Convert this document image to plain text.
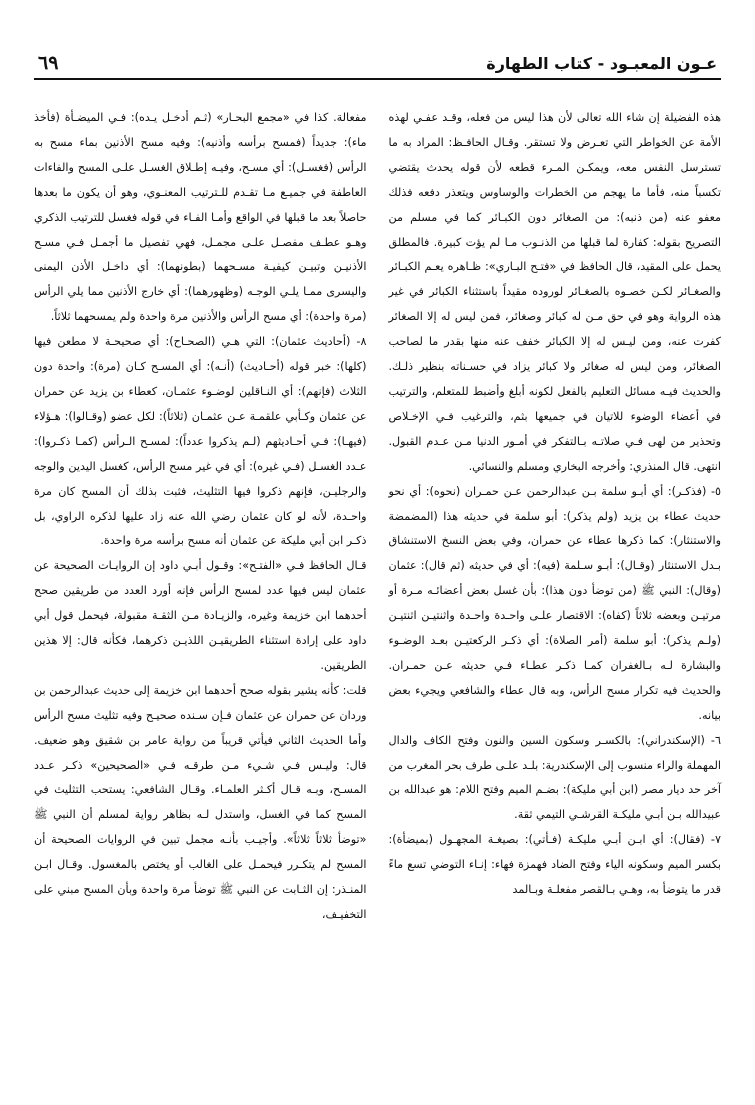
٦٩	عـون المعبـود - كتاب الطهارة

هذه الفضيلة إن شاء الله تعالى لأن هذا ليس من فعله، وقـد عفـي لهذه الأمة عن الخواطر التي تعـرض ولا تستقر. وقـال الحافـظ: المراد به ما تسترسل النفس معه، ويمكـن المـرء قطعه لأن قوله يحدث يقتضي تكسباً منه، فأما ما يهجم من الخطرات والوساوس ويتعذر دفعه فذلك معفو عنه (من ذنبه): من الصغائر دون الكبـائر كما في مسلم من التصريح بقوله: كفارة لما قبلها من الذنـوب مـا لم يؤت كبيرة. فالمطلق يحمل على المقيد، قال الحافظ في «فتـح البـاري»: ظـاهره يعـم الكبـائر والصغـائر لكـن خصـوه بالصغـائر لوروده مقيداً باستثناء الكبائر في غير هذه الرواية وهو في حق مـن له كبائر وصغائر، فمن ليس له إلا الصغائر كفرت عنه، ومن ليـس له إلا الكبائر خفف عنه منها بقدر ما لصاحب الصغائر، ومن ليس له صغائر ولا كبائر يزاد في حسـناته بنظير ذلـك. والحديث فيـه مسائل التعليم بالفعل لكونه أبلغ وأضبط للمتعلم، والترتيب في أعضاء الوضوء للاتيان في جميعها بثم، والترغيب فـي الإخـلاص وتحذير من لهى فـي صلاتـه بـالتفكر في أمـور الدنيا مـن عـدم القبول. انتهى. قال المنذري: وأخرجه البخاري ومسلم والنسائي.

٥- (فذكـر): أي أبـو سلمة بـن عبدالرحمن عـن حمـران (نحوه): أي نحو حديث عطاء بن يزيد (ولم يذكر): أبو سلمة في حديثه هذا (المضمضة والاستنثار): كما ذكرها عطاء عن حمران، وفي بعض النسخ الاستنشاق بـدل الاستنثار (وقـال): أبـو سـلمة (فيه): أي في حديثه (ثم قال): عثمان (وقال): النبي ﷺ (من توضأ دون هذا): بأن غسل بعض أعضائـه مـرة أو مرتيـن وبعضه ثلاثاً (كفاه): الاقتصار علـى واحـدة واحـدة واثنتيـن اثنتيـن (ولـم يذكر): أبو سلمة (أمر الصلاة): أي ذكـر الركعتيـن بعـد الوضـوء والبشارة لـه بـالغفران كمـا ذكـر عطـاء فـي حديثه عـن حمـران. والحديث فيه تكرار مسح الرأس، وبه قال عطاء والشافعي ويجيء بعض بيانه.

٦- (الإسكندراني): بالكسـر وسكون السين والنون وفتح الكاف والدال المهملة والراء منسوب إلى الإسكندرية: بلـد علـى طرف بحر المغرب من آخر حد ديار مصر (ابن أبي مليكة): بضـم الميم وفتح اللام: هو عبدالله بن عبيدالله بـن أبـي مليكـة القرشـي التيمي ثقة.

٧- (فقال): أي ابـن أبـي مليكـة (فـأتي): بصيغـة المجهـول (بميضأة): بكسر الميم وسكونه الياء وفتح الضاد فهمزة فهاء: إنـاء التوضي تسع ماءً قدر ما يتوضأ به، وهـي بـالقصر مفعلـة وبـالمد

مفعالة. كذا في «مجمع البحـار» (ثـم أدخـل يـده): فـي الميضـأة (فأخذ ماء): جديداً (فمسح برأسه وأذنيه): وفيه مسح الأذنين بماء مسح به الرأس (فغسـل): أي مسـح، وفيـه إطـلاق الغسـل علـى المسح والفاءات العاطفة في جميـع مـا تقـدم للـترتيب المعنـوي، وهو أن يكون ما بعدها حاصلاً بعد ما قبلها في الواقع وأمـا الفـاء في قوله فغسل للترتيب الذكري وهـو عطـف مفصـل علـى مجمـل، فهي تفصيل ما أجمـل فـي مسـح الأذنيـن وتبيـن كيفيـة مسـحهما (بطونهما): أي داخـل الأذن اليمنى واليسرى ممـا يلـي الوجـه (وظهورهما): أي خارج الأذنين مما يلي الرأس (مرة واحدة): أي مسح الرأس والأذنين مرة واحدة ولم يمسحهما ثلاثاً.

٨- (أحاديث عثمان): التي هـي (الصحـاح): أي صحيحـة لا مطعن فيها (كلها): خبر قوله (أحـاديث) (أنـه): أي المسـح كـان (مرة): واحدة دون الثلاث (فإنهم): أي النـاقلين لوضـوء عثمـان، كعطاء بن يزيد عن حمران عن عثمان وكـأبي علقمـة عـن عثمـان (ثلاثاً): لكل عضو (وقـالوا): هـؤلاء (فيهـا): فـي أحـاديثهم (لـم يذكروا عدداً): لمسـح الـرأس (كمـا ذكـروا): عـدد الغسـل (فـي غيره): أي في غير مسح الرأس، كغسل اليدين والوجه والرجليـن، فإنهم ذكروا فيها التثليث، فثبت بذلك أن المسح كان مرة واحـدة، لأنه لو كان عثمان رضي الله عنه زاد عليها لذكره الراوي، بل ذكـر ابن أبي مليكة عن عثمان أنه مسح برأسه مرة واحدة.

قـال الحافظ فـي «الفتـح»: وقـول أبـي داود إن الروايـات الصحيحة عن عثمان ليس فيها عدد لمسح الرأس فإنه أورد العدد من طريقين صحح أحدهما ابن خزيمة وغيره، والزيـادة مـن الثقـة مقبولة، فيحمل قول أبي داود على إرادة استثناء الطريقيـن اللذيـن ذكرهما، فكأنه قال: إلا هذين الطريقين.

قلت: كأنه يشير بقوله صحح أحدهما ابن خزيمة إلى حديث عبدالرحمن بن وردان عن حمران عن عثمان فـإن سـنده صحيـح وفيه تثليث مسح الرأس وأما الحديث الثاني فيأتي قريباً من رواية عامر بن شقيق وهو ضعيف. قال: وليـس فـي شـيء مـن طرقـه فـي «الصحيحين» ذكـر عـدد المسـح، وبـه قـال أكـثر العلمـاء. وقـال الشافعي: يستحب التثليث في المسح كما في الغسل، واستدل لـه بظاهر رواية لمسلم أن النبي ﷺ «توضأ ثلاثاً ثلاثاً». وأجيـب بأنـه مجمل تبين في الروايات الصحيحة أن المسح لم يتكـرر فيحمـل على الغالب أو يختص بالمغسول. وقـال ابـن المنـذر: إن الثـابت عن النبي ﷺ توضأ مرة واحدة وبأن المسح مبني على التخفيـف،
